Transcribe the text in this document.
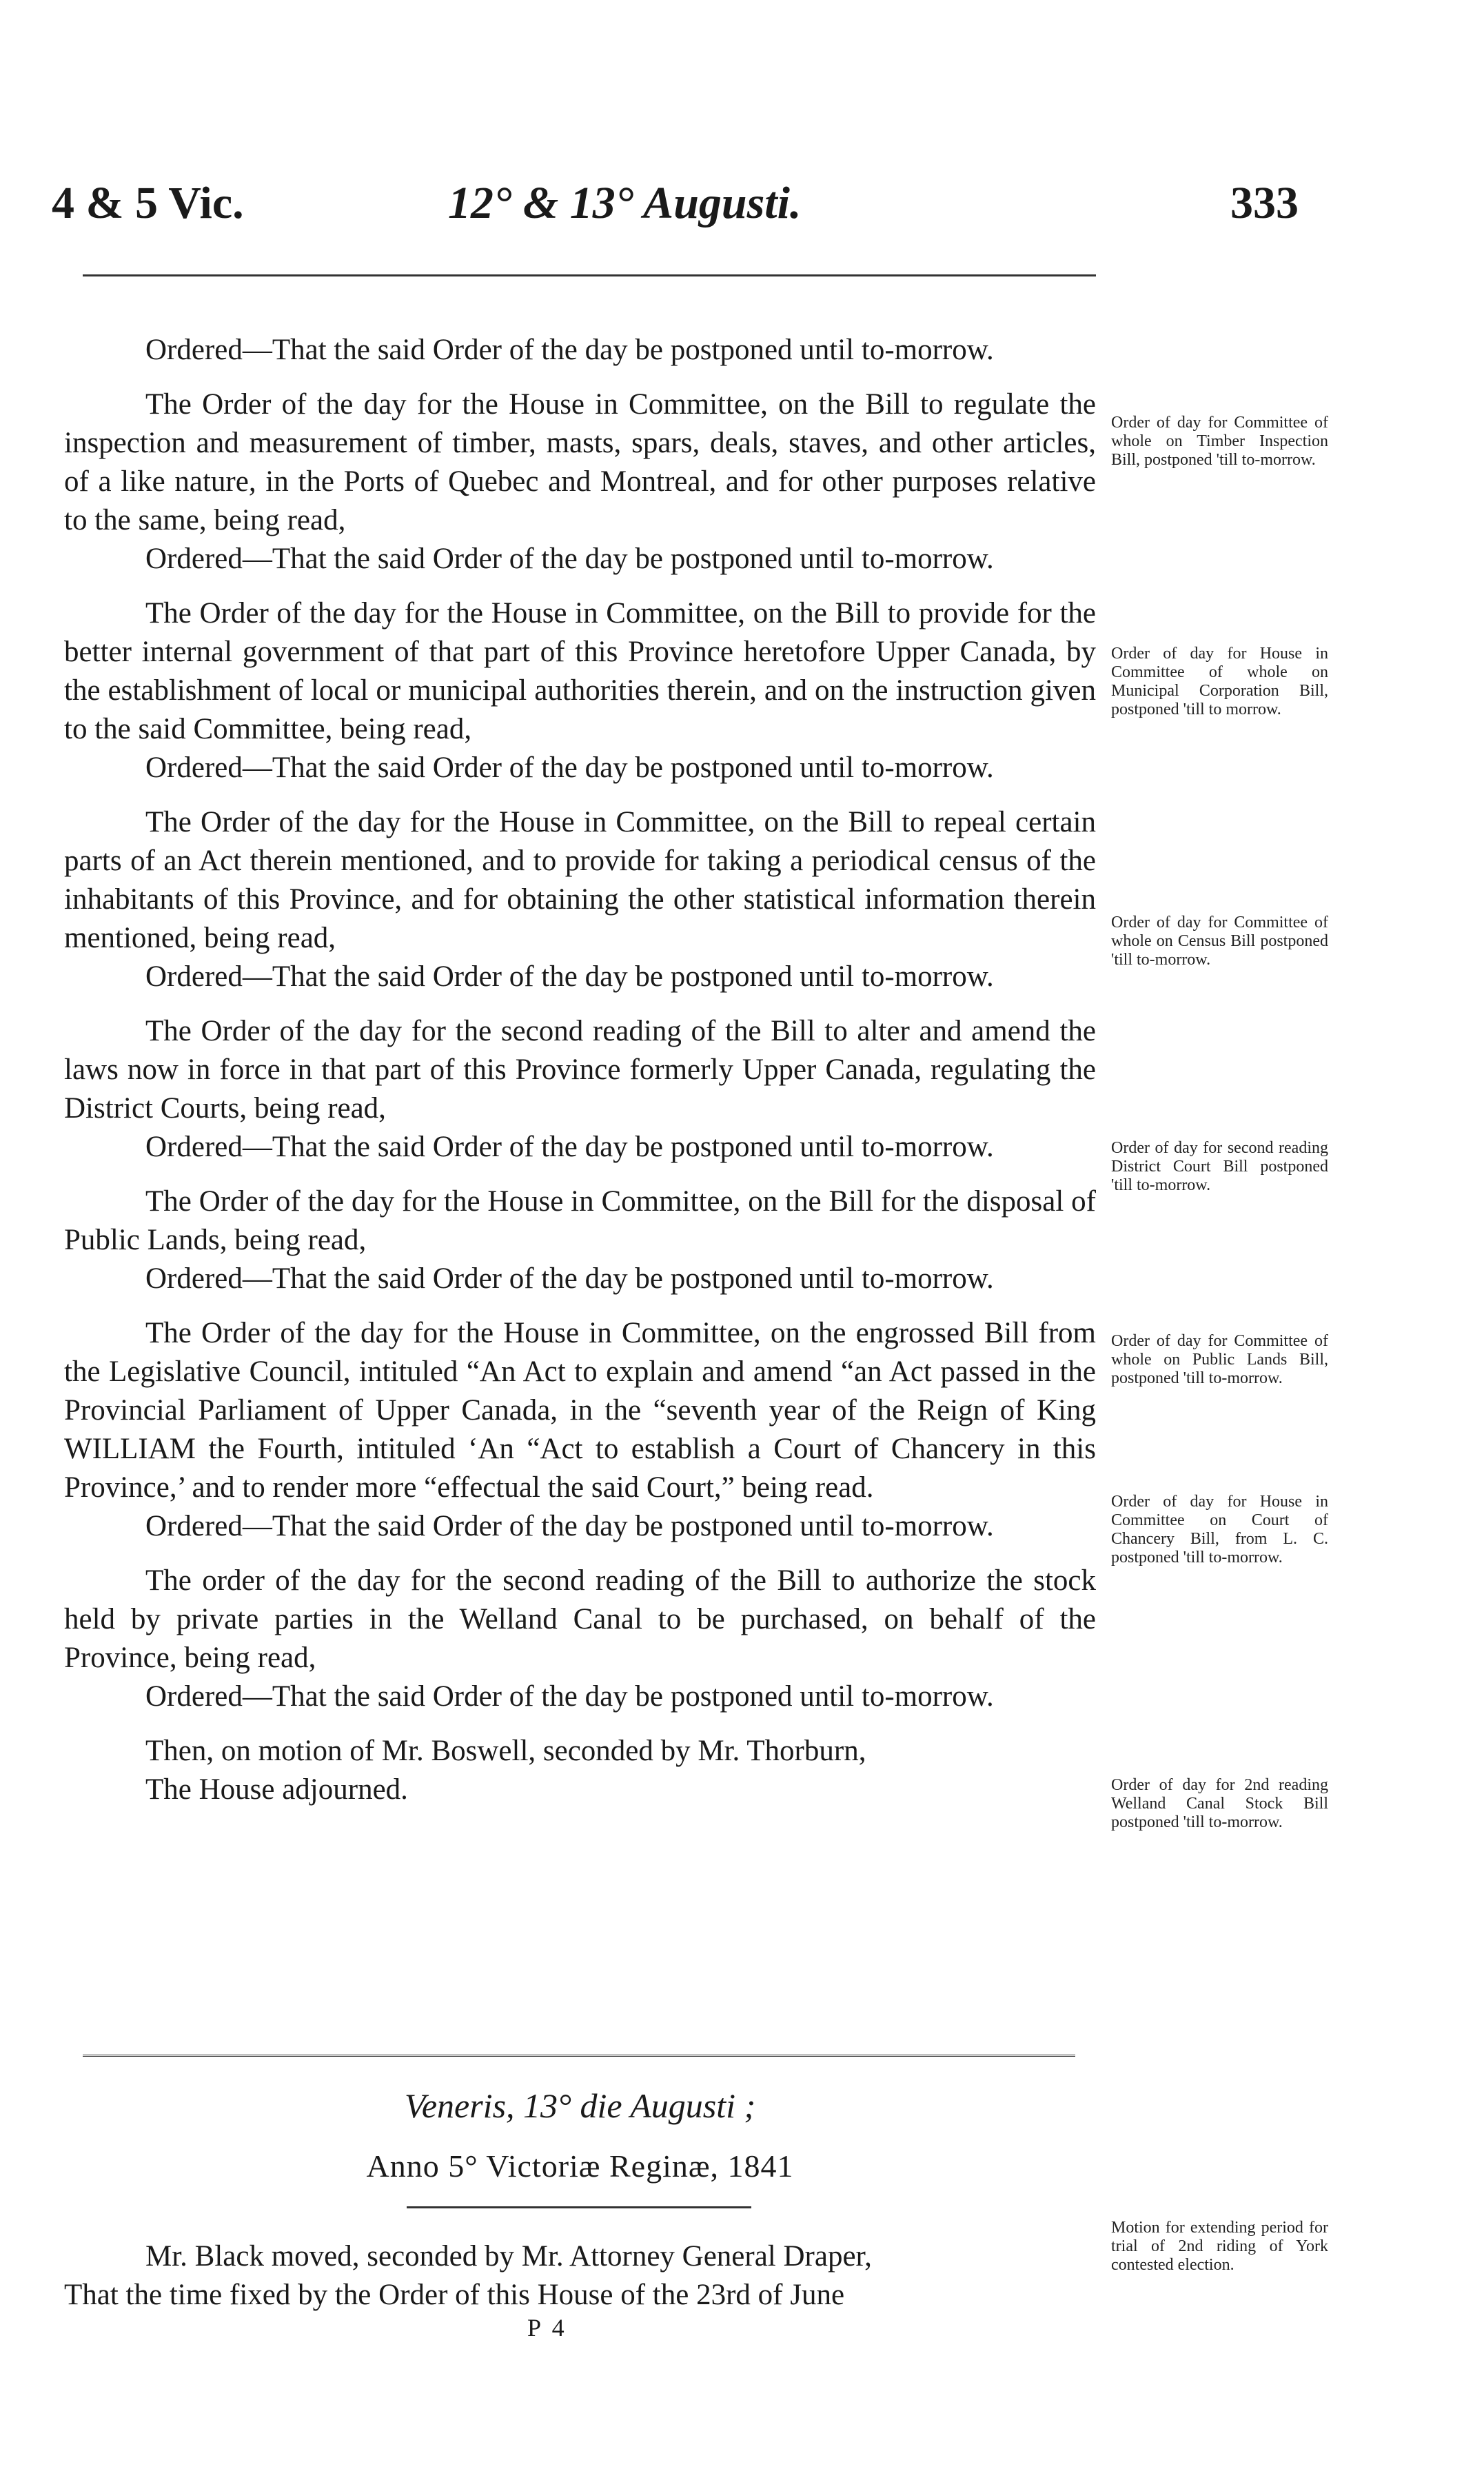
4 & 5 Vic.	12° & 13° Augusti.	333

Ordered—That the said Order of the day be postponed until to-morrow.

The Order of the day for the House in Committee, on the Bill to regulate the inspection and measurement of timber, masts, spars, deals, staves, and other articles, of a like nature, in the Ports of Quebec and Montreal, and for other purposes relative to the same, being read,

Ordered—That the said Order of the day be postponed until to-morrow.

The Order of the day for the House in Committee, on the Bill to provide for the better internal government of that part of this Province heretofore Upper Canada, by the establishment of local or municipal authorities therein, and on the instruction given to the said Committee, being read,

Ordered—That the said Order of the day be postponed until to-morrow.

The Order of the day for the House in Committee, on the Bill to repeal certain parts of an Act therein mentioned, and to provide for taking a periodical census of the inhabitants of this Province, and for obtaining the other statistical information therein mentioned, being read,

Ordered—That the said Order of the day be postponed until to-morrow.

The Order of the day for the second reading of the Bill to alter and amend the laws now in force in that part of this Province formerly Upper Canada, regulating the District Courts, being read,

Ordered—That the said Order of the day be postponed until to-morrow.

The Order of the day for the House in Committee, on the Bill for the disposal of Public Lands, being read,

Ordered—That the said Order of the day be postponed until to-morrow.

The Order of the day for the House in Committee, on the engrossed Bill from the Legislative Council, intituled “An Act to explain and amend “an Act passed in the Provincial Parliament of Upper Canada, in the “seventh year of the Reign of King WILLIAM the Fourth, intituled ‘An “Act to establish a Court of Chancery in this Province,’ and to render more “effectual the said Court,” being read.

Ordered—That the said Order of the day be postponed until to-morrow.

The order of the day for the second reading of the Bill to authorize the stock held by private parties in the Welland Canal to be purchased, on behalf of the Province, being read,

Ordered—That the said Order of the day be postponed until to-morrow.

Then, on motion of Mr. Boswell, seconded by Mr. Thorburn,

The House adjourned.

Order of day for Committee of whole on Timber Inspection Bill, postponed 'till to-morrow.
Order of day for House in Committee of whole on Municipal Corporation Bill, postponed 'till to morrow.
Order of day for Committee of whole on Census Bill postponed 'till to-morrow.
Order of day for second reading District Court Bill postponed 'till to-morrow.
Order of day for Committee of whole on Public Lands Bill, postponed 'till to-morrow.
Order of day for House in Committee on Court of Chancery Bill, from L. C. postponed 'till to-morrow.
Order of day for 2nd reading Welland Canal Stock Bill postponed 'till to-morrow.
Veneris, 13° die Augusti ;
Anno 5° Victoriæ Reginæ, 1841

Mr. Black moved, seconded by Mr. Attorney General Draper,

That the time fixed by the Order of this House of the 23rd of June

Motion for extending period for trial of 2nd riding of York contested election.
P 4
